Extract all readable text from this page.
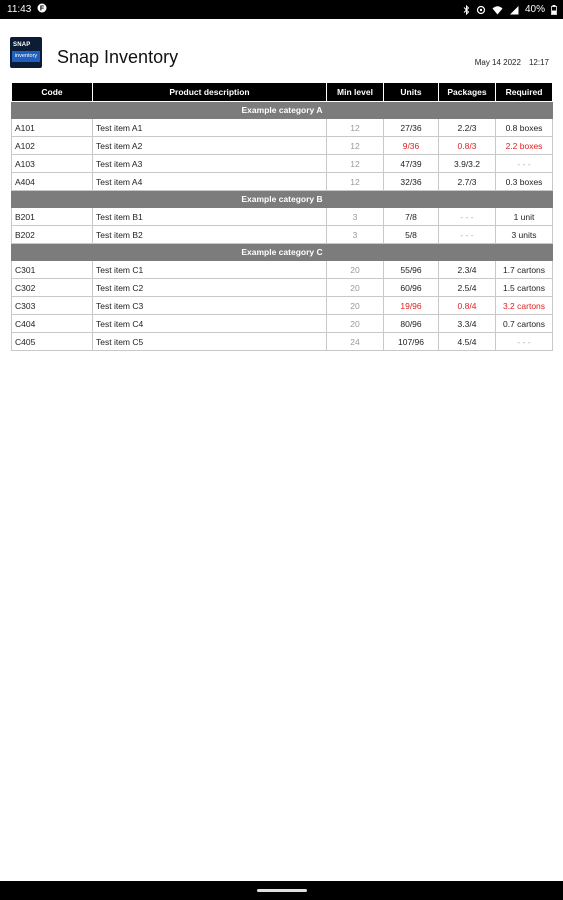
11:43 F	40%
SNAP
inventory Snap Inventory	May 14 2022 12:17
Code	Product description	Min level	Units	Packages	Required
Example category A					
A101	Test item A1	12	27/36	2.2/3	0.8 boxes
A102	Test item A2	12	9/36	0.8/3	2.2 boxes
A103	Test item A3	12	47/39	3.9/3.2	- - -
A404	Test item A4	12	32/36	2.7/3	0.3 boxes
Example category B					
B201	Test item B1	3	7/8	- - -	1 unit
B202	Test item B2	3	5/8	- - -	3 units
Example category C					
C301	Test item C1	20	55/96	2.3/4	1.7 cartons
C302	Test item C2	20	60/96	2.5/4	1.5 cartons
C303	Test item C3	20	19/96	0.8/4	3.2 cartons
C404	Test item C4	20	80/96	3.3/4	0.7 cartons
C405	Test item C5	24	107/96	4.5/4	- - -
